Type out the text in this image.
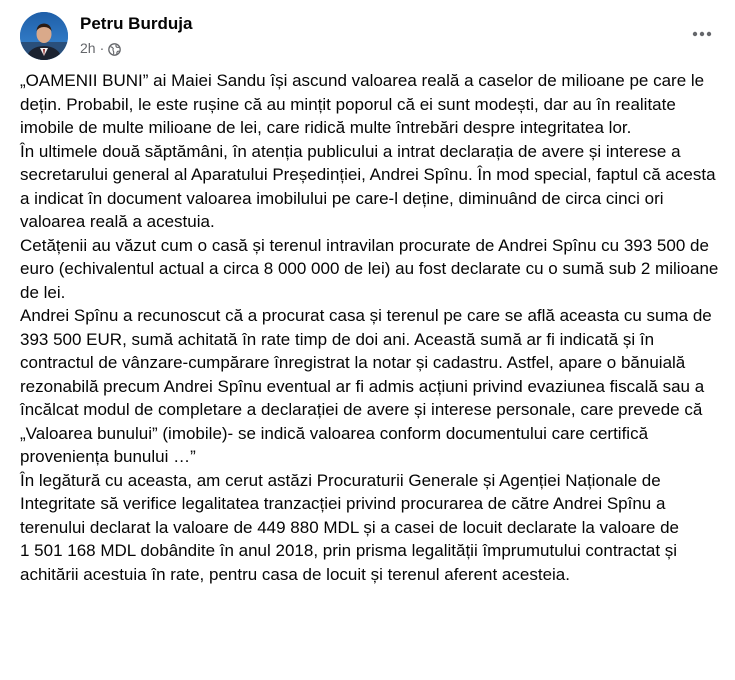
Petru Burduja
2h ·

„OAMENII BUNI” ai Maiei Sandu își ascund valoarea reală a caselor de milioane pe care le dețin. Probabil, le este rușine că au mințit poporul că ei sunt modești, dar au în realitate imobile de multe milioane de lei, care ridică multe întrebări despre integritatea lor.

În ultimele două săptămâni, în atenția publicului a intrat declarația de avere și interese a secretarului general al Aparatului Președinției, Andrei Spînu. În mod special, faptul că acesta a indicat în document valoarea imobilului pe care-l deține, diminuând de circa cinci ori valoarea reală a acestuia.

Cetățenii au văzut cum o casă și terenul intravilan procurate de Andrei Spînu cu 393 500 de euro (echivalentul actual a circa 8 000 000 de lei) au fost declarate cu o sumă sub 2 milioane de lei.

Andrei Spînu a recunoscut că a procurat casa și terenul pe care se află aceasta cu suma de 393 500 EUR, sumă achitată în rate timp de doi ani. Această sumă ar fi indicată și în contractul de vânzare-cumpărare înregistrat la notar și cadastru. Astfel, apare o bănuială rezonabilă precum Andrei Spînu eventual ar fi admis acțiuni privind evaziunea fiscală sau a încălcat modul de completare a declarației de avere și interese personale, care prevede că „Valoarea bunului” (imobile)- se indică valoarea conform documentului care certifică proveniența bunului …”

În legătură cu aceasta, am cerut astăzi Procuraturii Generale și Agenției Naționale de Integritate să verifice legalitatea tranzacției privind procurarea de către Andrei Spînu a terenului declarat la valoare de 449 880 MDL și a casei de locuit declarate la valoare de

1 501 168 MDL dobândite în anul 2018, prin prisma legalității împrumutului contractat și achitării acestuia în rate, pentru casa de locuit și terenul aferent acesteia.
